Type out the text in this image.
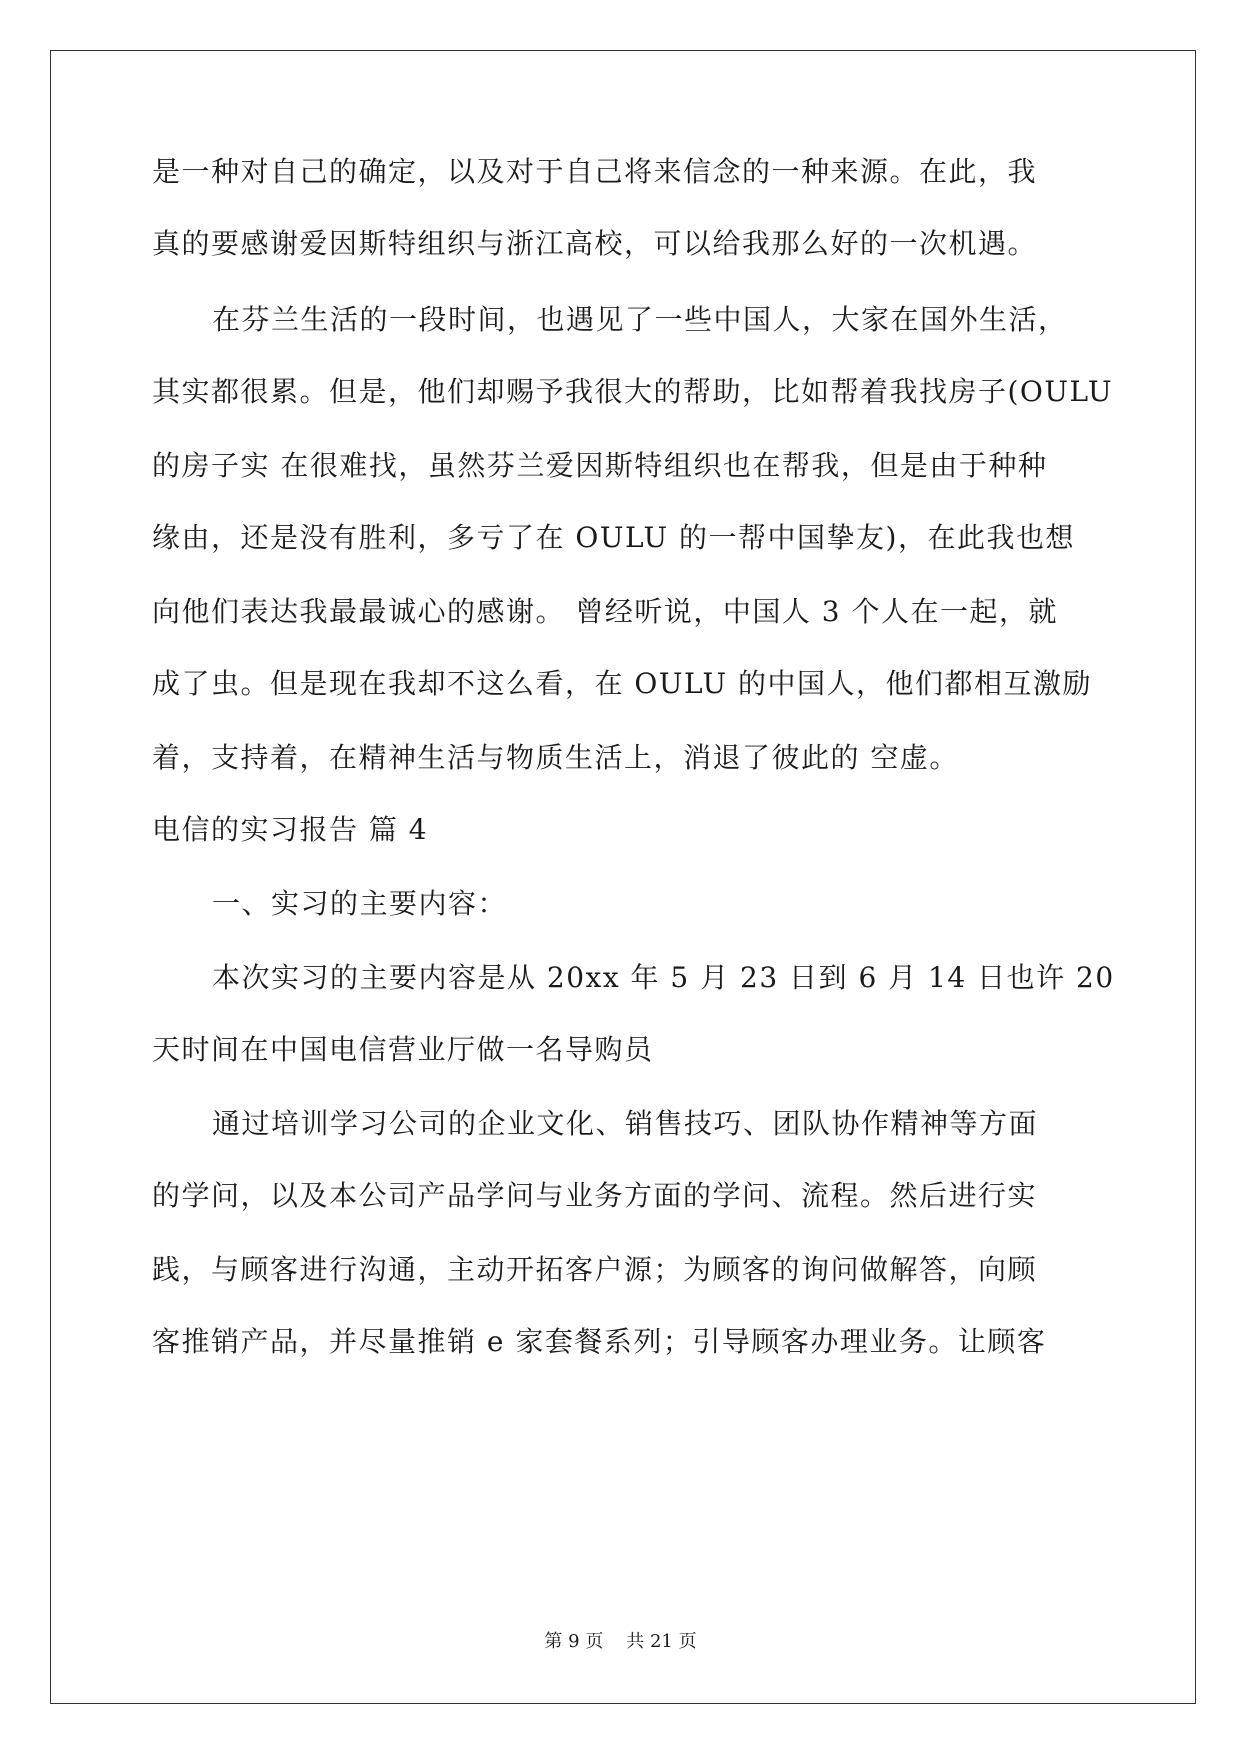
是一种对自己的确定，以及对于自己将来信念的一种来源。在此，我
真的要感谢爱因斯特组织与浙江高校，可以给我那么好的一次机遇。
在芬兰生活的一段时间，也遇见了一些中国人，大家在国外生活，
其实都很累。但是，他们却赐予我很大的帮助，比如帮着我找房子(OULU
的房子实 在很难找，虽然芬兰爱因斯特组织也在帮我，但是由于种种
缘由，还是没有胜利，多亏了在 OULU 的一帮中国挚友)，在此我也想
向他们表达我最最诚心的感谢。 曾经听说，中国人 3 个人在一起，就
成了虫。但是现在我却不这么看，在 OULU 的中国人，他们都相互激励
着，支持着，在精神生活与物质生活上，消退了彼此的 空虚。
电信的实习报告 篇 4
一、实习的主要内容：
本次实习的主要内容是从 20xx 年 5 月 23 日到 6 月 14 日也许 20
天时间在中国电信营业厅做一名导购员
通过培训学习公司的企业文化、销售技巧、团队协作精神等方面
的学问，以及本公司产品学问与业务方面的学问、流程。然后进行实
践，与顾客进行沟通，主动开拓客户源；为顾客的询问做解答，向顾
客推销产品，并尽量推销 e 家套餐系列；引导顾客办理业务。让顾客
第 9 页 共 21 页
